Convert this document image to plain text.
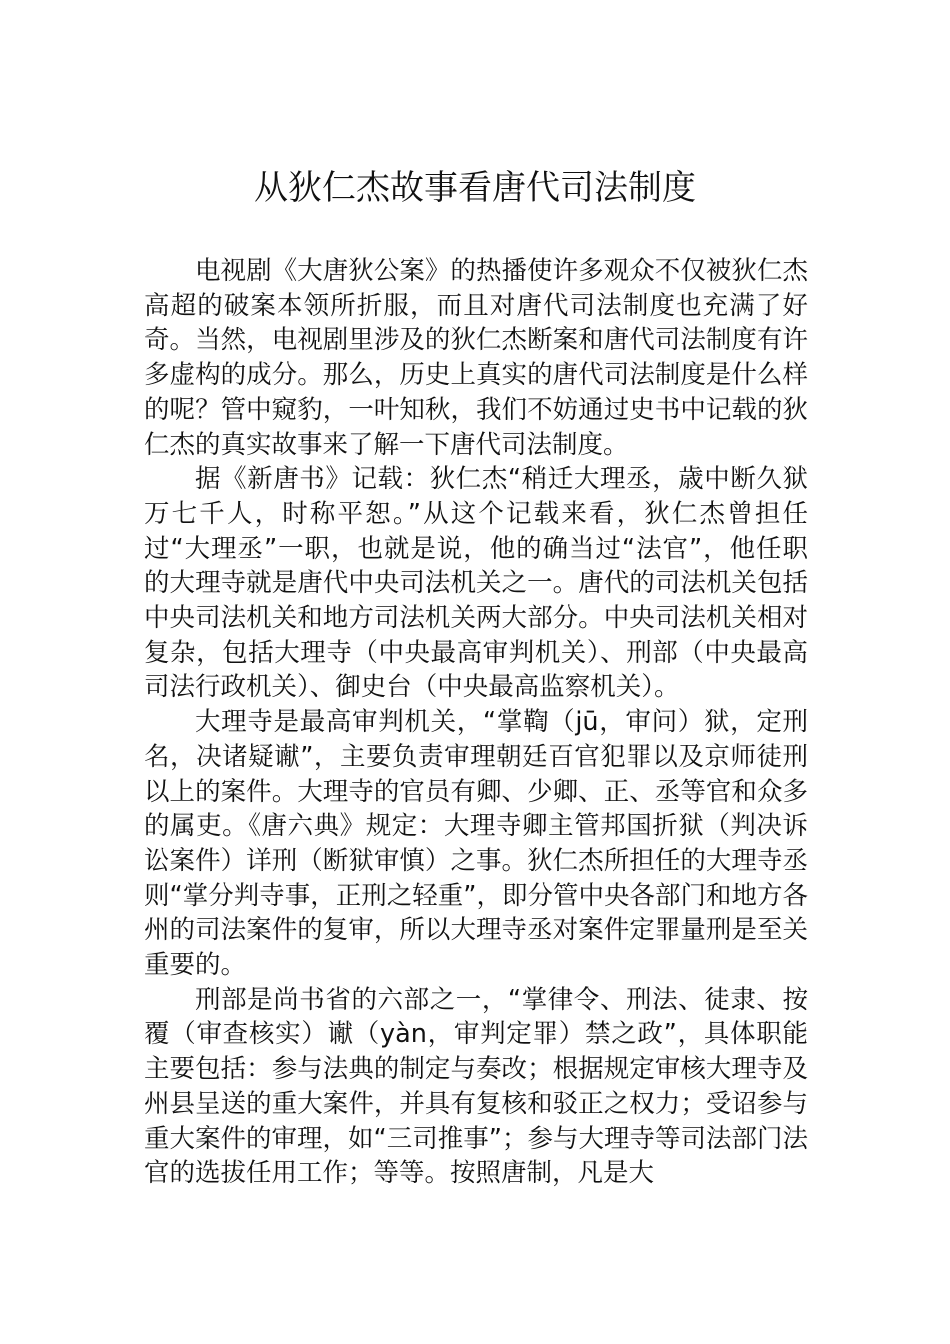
从狄仁杰故事看唐代司法制度

电视剧《大唐狄公案》的热播使许多观众不仅被狄仁杰高超的破案本领所折服，而且对唐代司法制度也充满了好奇。当然，电视剧里涉及的狄仁杰断案和唐代司法制度有许多虚构的成分。那么，历史上真实的唐代司法制度是什么样的呢？管中窥豹，一叶知秋，我们不妨通过史书中记载的狄仁杰的真实故事来了解一下唐代司法制度。

据《新唐书》记载：狄仁杰“稍迁大理丞，歳中断久狱万七千人，时称平恕。”从这个记载来看，狄仁杰曾担任过“大理丞”一职，也就是说，他的确当过“法官”，他任职的大理寺就是唐代中央司法机关之一。唐代的司法机关包括中央司法机关和地方司法机关两大部分。中央司法机关相对复杂，包括大理寺（中央最高审判机关）、刑部（中央最高司法行政机关）、御史台（中央最高监察机关）。

大理寺是最高审判机关，“掌鞫（jū，审问）狱，定刑名，决诸疑谳”，主要负责审理朝廷百官犯罪以及京师徒刑以上的案件。大理寺的官员有卿、少卿、正、丞等官和众多的属吏。《唐六典》规定：大理寺卿主管邦国折狱（判决诉讼案件）详刑（断狱审慎）之事。狄仁杰所担任的大理寺丞则“掌分判寺事，正刑之轻重”，即分管中央各部门和地方各州的司法案件的复审，所以大理寺丞对案件定罪量刑是至关重要的。

刑部是尚书省的六部之一，“掌律令、刑法、徒隶、按覆（审查核实）谳（yàn，审判定罪）禁之政”，具体职能主要包括：参与法典的制定与奏改；根据规定审核大理寺及州县呈送的重大案件，并具有复核和驳正之权力；受诏参与重大案件的审理，如“三司推事”；参与大理寺等司法部门法官的选拔任用工作；等等。按照唐制，凡是大
